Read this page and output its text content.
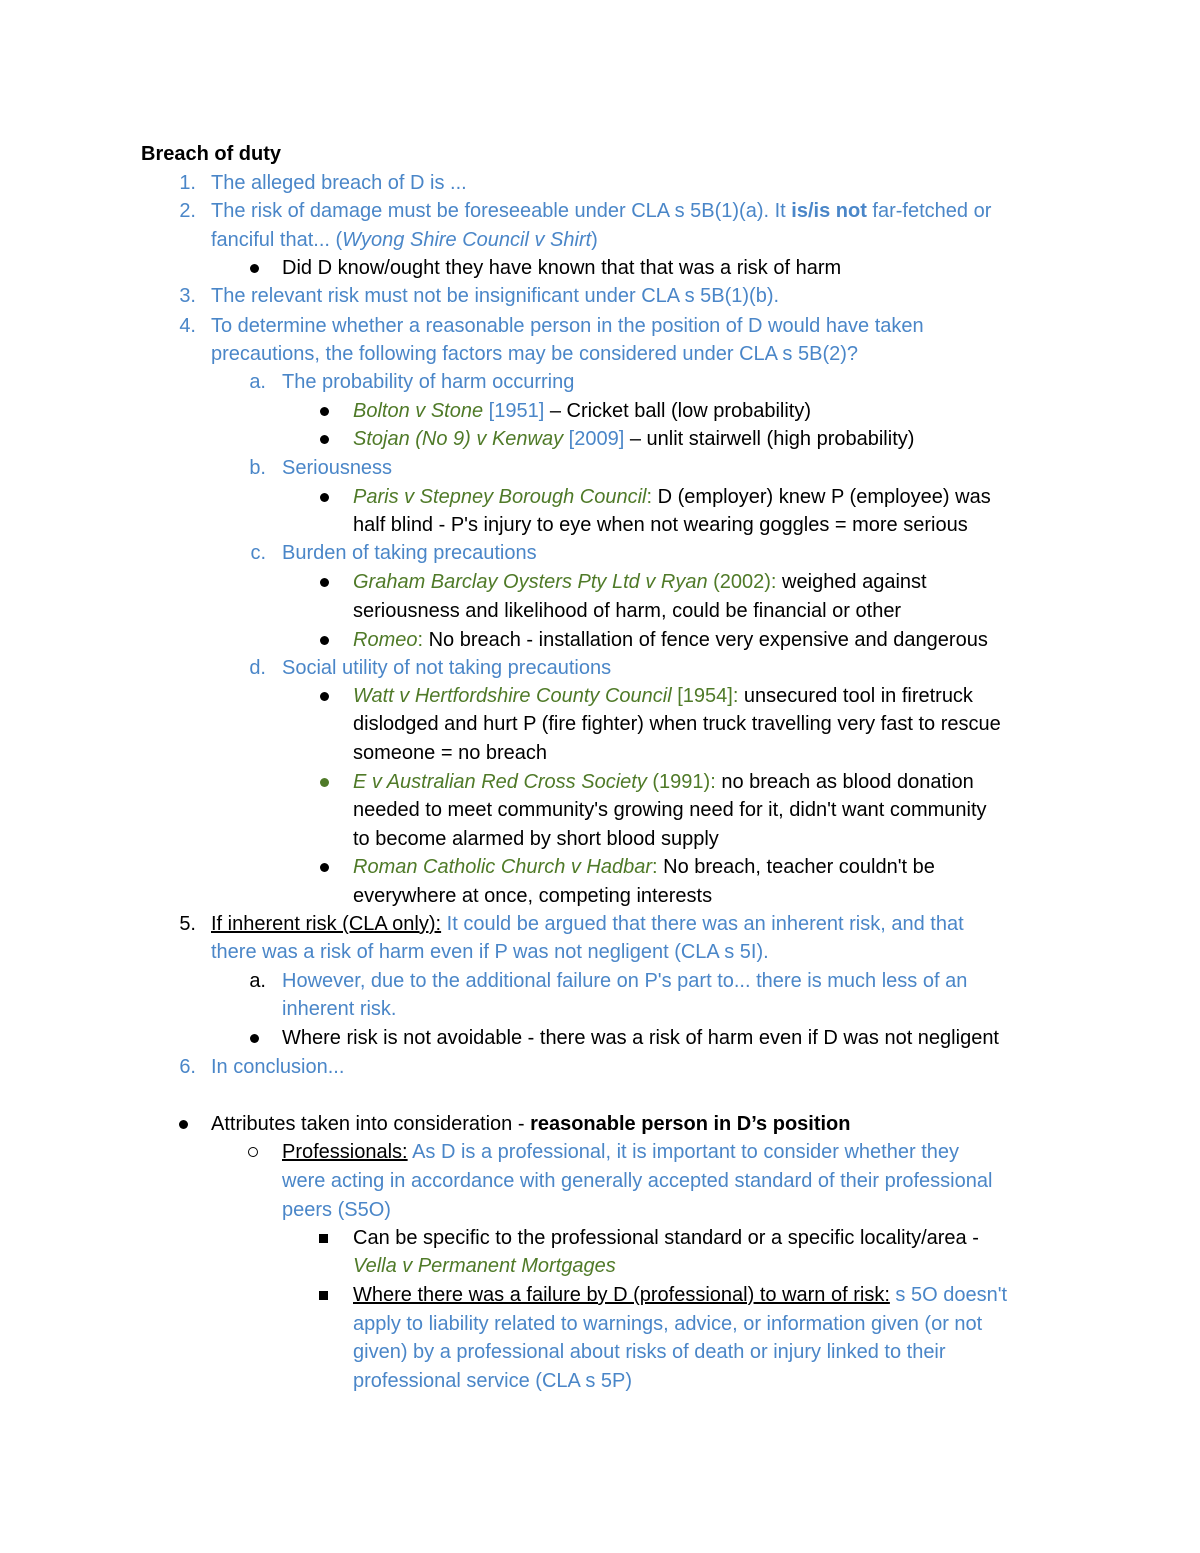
Breach of duty
1. The alleged breach of D is ...
2. The risk of damage must be foreseeable under CLA s 5B(1)(a). It is/is not far-fetched or
fanciful that... (Wyong Shire Council v Shirt)
Did D know/ought they have known that that was a risk of harm
3. The relevant risk must not be insignificant under CLA s 5B(1)(b).
4. To determine whether a reasonable person in the position of D would have taken
precautions, the following factors may be considered under CLA s 5B(2)?
a. The probability of harm occurring
Bolton v Stone [1951] – Cricket ball (low probability)
Stojan (No 9) v Kenway [2009] – unlit stairwell (high probability)
b. Seriousness
Paris v Stepney Borough Council: D (employer) knew P (employee) was
half blind - P's injury to eye when not wearing goggles = more serious
c. Burden of taking precautions
Graham Barclay Oysters Pty Ltd v Ryan (2002): weighed against
seriousness and likelihood of harm, could be financial or other
Romeo: No breach - installation of fence very expensive and dangerous
d. Social utility of not taking precautions
Watt v Hertfordshire County Council [1954]: unsecured tool in firetruck
dislodged and hurt P (fire fighter) when truck travelling very fast to rescue
someone = no breach
E v Australian Red Cross Society (1991): no breach as blood donation
needed to meet community's growing need for it, didn't want community
to become alarmed by short blood supply
Roman Catholic Church v Hadbar: No breach, teacher couldn't be
everywhere at once, competing interests
5. If inherent risk (CLA only): It could be argued that there was an inherent risk, and that
there was a risk of harm even if P was not negligent (CLA s 5I).
a. However, due to the additional failure on P's part to... there is much less of an
inherent risk.
Where risk is not avoidable - there was a risk of harm even if D was not negligent
6. In conclusion...
Attributes taken into consideration - reasonable person in D’s position
Professionals: As D is a professional, it is important to consider whether they
were acting in accordance with generally accepted standard of their professional
peers (S5O)
Can be specific to the professional standard or a specific locality/area -
Vella v Permanent Mortgages
Where there was a failure by D (professional) to warn of risk: s 5O doesn't
apply to liability related to warnings, advice, or information given (or not
given) by a professional about risks of death or injury linked to their
professional service (CLA s 5P)
